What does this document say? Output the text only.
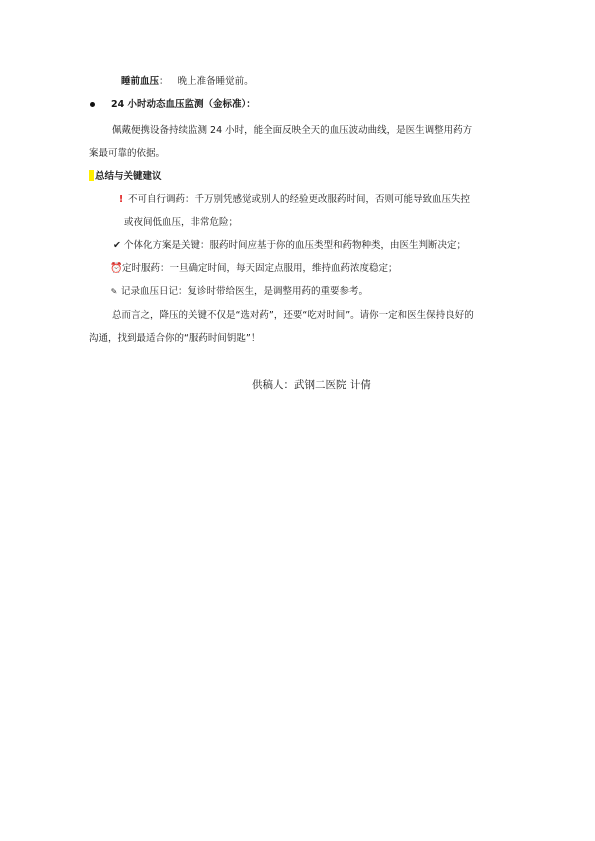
睡前血压： 晚上准备睡觉前。
24 小时动态血压监测（金标准）：
佩戴便携设备持续监测 24 小时，能全面反映全天的血压波动曲线，是医生调整用药方
案最可靠的依据。
总结与关键建议
! 不可自行调药：千万别凭感觉或别人的经验更改服药时间，否则可能导致血压失控
或夜间低血压，非常危险；
✔ 个体化方案是关键：服药时间应基于你的血压类型和药物种类，由医生判断决定；
⏰定时服药：一旦确定时间，每天固定点服用，维持血药浓度稳定；
✎ 记录血压日记：复诊时带给医生，是调整用药的重要参考。
总而言之，降压的关键不仅是“选对药”，还要“吃对时间”。请你一定和医生保持良好的
沟通，找到最适合你的“服药时间钥匙”！
供稿人：武钢二医院 计倩
